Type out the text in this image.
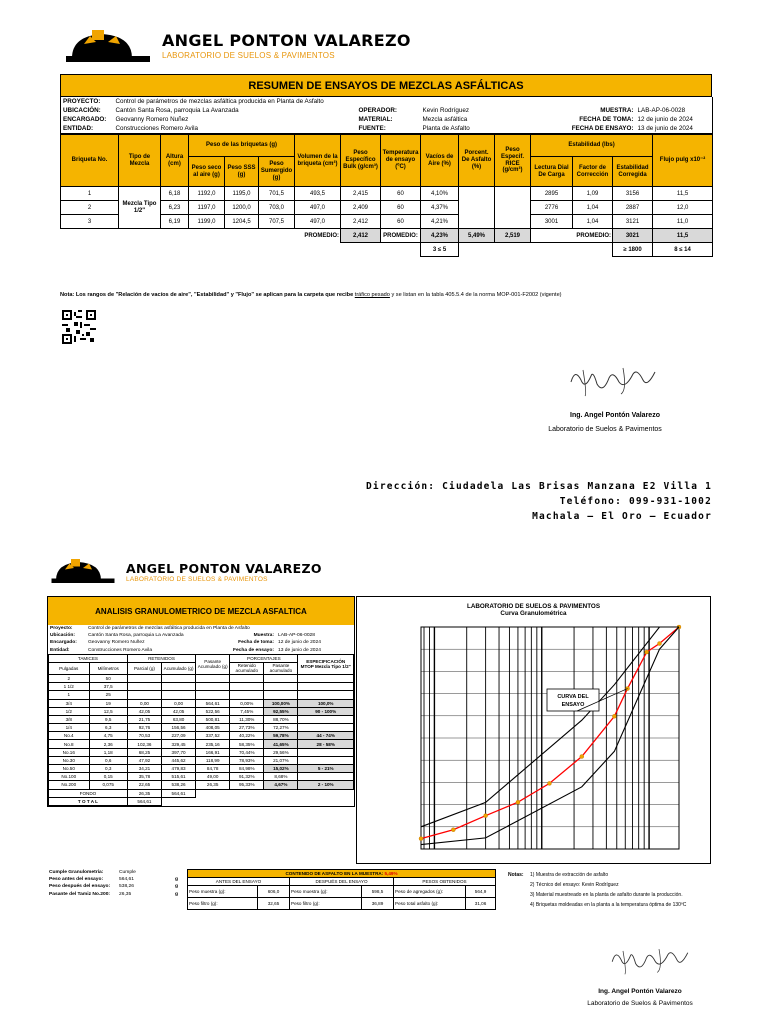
ANGEL PONTON VALAREZO
LABORATORIO DE SUELOS & PAVIMENTOS
RESUMEN DE ENSAYOS DE MEZCLAS ASFÁLTICAS
PROYECTO:	Control de parámetros de mezclas asfáltica producida en Planta de Asfalto				
UBICACIÓN:	Cantón Santa Rosa, parroquia La Avanzada	OPERADOR:	Kevin Rodríguez	MUESTRA:	LAB-AP-06-0028
ENCARGADO:	Geovanny Romero Nuñez	MATERIAL:	Mezcla asfáltica	FECHA DE TOMA:	12 de junio de 2024
ENTIDAD:	Construcciones Romero Avila	FUENTE:	Planta de Asfalto	FECHA DE ENSAYO:	13 de junio de 2024
Briqueta No.	Tipo de Mezcla	Altura (cm)	Peso de las briquetas (g)			Volumen de la briqueta (cm³)	Peso Específico Bulk (g/cm³)	Temperatura de ensayo (ºC)	Vacíos de Aire (%)	Porcent. De Asfalto (%)	Peso Especif. RICE (g/cm³)	Estabilidad (lbs)			Flujo pulg x10⁻²
			Peso seco al aire (g)	Peso SSS (g)	Peso Sumergido (g)							Lectura Dial De Carga	Factor de Corrección	Estabilidad Corregida	
1	Mezcla Tipo 1/2"	6,18	1192,0	1195,0	701,5	493,5	2,415	60	4,10%			2895	1,09	3156	11,5
2		6,23	1197,0	1200,0	703,0	497,0	2,409	60	4,37%			2776	1,04	2887	12,0
3		6,19	1199,0	1204,5	707,5	497,0	2,412	60	4,21%			3001	1,04	3121	11,0
PROMEDIO:							2,412	PROMEDIO:	4,23%	5,49%	2,519	PROMEDIO:		3021	11,5
									3 ≤ 5					≥ 1800	8 ≤ 14
Nota: Los rangos de "Relación de vacíos de aire", "Estabilidad" y "Flujo" se aplican para la carpeta que recibe tráfico pesado y se listan en la tabla 405.5.4 de la norma MOP-001-F2002 (vigente)
Ing. Angel Pontón Valarezo
Laboratorio de Suelos & Pavimentos
Dirección: Ciudadela Las Brisas Manzana E2 Villa 1
Teléfono: 099-931-1002
Machala – El Oro – Ecuador
ANGEL PONTON VALAREZO
LABORATORIO DE SUELOS & PAVIMENTOS
ANALISIS GRANULOMETRICO DE MEZCLA ASFALTICA
Proyecto:	Control de parámetros de mezclas asfáltica producida en Planta de Asfalto		
Ubicación:	Cantón Santa Rosa, parroquia La Avanzada	Muestra:	LAB-AP-06-0028
Encargado:	Geovanny Romero Nuñez	Fecha de toma:	12 de junio de 2024
Entidad:	Construcciones Romero Avila	Fecha de ensayo:	13 de junio de 2024
TAMICES		RETENIDOS		Pasante Acumulado (g)	PORCENTAJES		ESPECIFICACIÓN MTOP Mezcla Tipo 1/2"
		Parcial (g)	Acumulado (g)		Retenido acumulado	Pasante acumulado	
Pulgadas	Milímetros						
2	50						
1 1/2	37,5						
1	25						
3/4	19	0,00	0,00	564,61	0,00%	100,00%	100,0%
1/2	12,5	42,05	42,05	522,56	7,45%	92,55%	90 - 100%
3/8	9,5	21,75	63,80	500,81	11,30%	88,70%	
1/4	6,3	92,76	156,56	408,05	27,73%	72,27%	
No.4	4,75	70,53	227,09	337,52	40,22%	59,78%	44 - 74%
No.8	2,36	102,36	329,45	235,16	58,35%	41,65%	28 - 58%
No.16	1,18	68,25	397,70	166,91	70,44%	29,56%	
No.30	0,6	47,92	445,62	118,99	78,93%	21,07%	
No.50	0,3	34,21	479,83	84,78	84,98%	15,02%	5 - 21%
No.100	0,15	35,78	515,61	49,00	91,32%	8,68%	
No.200	0,075	22,65	538,26	26,35	95,33%	4,67%	2 - 10%
FONDO		26,35	564,61				
T O T A L		564,61					
LABORATORIO DE SUELOS & PAVIMENTOS
Curva Granulométrica
CURVA DEL
ENSAYO
Cumple Granulometría:	Cumple	
Peso antes del ensayo:	564,61	g
Peso después del ensayo:	538,26	g
Pasante del Tamiz No.200:	26,35	g
CONTENIDO DE ASFALTO EN LA MUESTRA: 5,49%					
ANTES DEL ENSAYO		DESPUÉS DEL ENSAYO		PESOS OBTENIDOS	
Peso muestra (g):	606,0	Peso muestra (g):	598,5	Peso de agregados (g):	564,9
Peso filtro (g):	32,65	Peso filtro (g):	36,89	Peso total asfalto (g):	31,06
Notas:	1) Muestra de extracción de asfalto
2) Técnico del ensayo: Kevin Rodríguez
3) Material muestreado en la planta de asfalto durante la producción.
4) Briquetas moldeadas en la planta a la temperatura óptima de 130ºC
Ing. Angel Pontón Valarezo
Laboratorio de Suelos & Pavimentos
